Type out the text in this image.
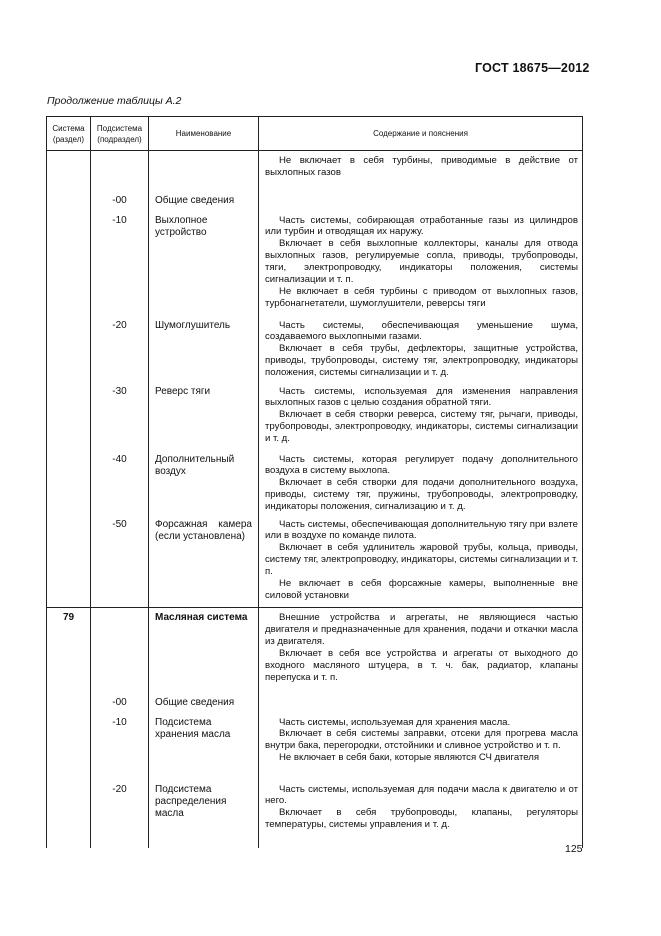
ГОСТ 18675—2012
Продолжение таблицы А.2
Система (раздел)	Подсистема (подраздел)	Наименование	Содержание и пояснения

			Не включает в себя турбины, приводимые в действие от выхлопных газов

	-00	Общие сведения	
	-10	Выхлопное устройство	Часть системы, собирающая отработанные газы из цилиндров или турбин и отводящая их наружу.

Включает в себя выхлопные коллекторы, каналы для отвода выхлопных газов, регулируемые сопла, приводы, трубопроводы, тяги, электропроводку, индикаторы положения, системы сигнализации и т. п.

Не включает в себя турбины с приводом от выхлопных газов, турбонагнетатели, шумоглушители, реверсы тяги

	-20	Шумоглушитель	Часть системы, обеспечивающая уменьшение шума, создаваемого выхлопными газами.

Включает в себя трубы, дефлекторы, защитные устройства, приводы, трубопроводы, систему тяг, электропроводку, индикаторы положения, системы сигнализации и т. д.

	-30	Реверс тяги	Часть системы, используемая для изменения направления выхлопных газов с целью создания обратной тяги.

Включает в себя створки реверса, систему тяг, рычаги, приводы, трубопроводы, электропроводку, индикаторы, системы сигнализации и т. д.

	-40	Дополнительный воздух	Часть системы, которая регулирует подачу дополнительного воздуха в систему выхлопа.

Включает в себя створки для подачи дополнительного воздуха, приводы, систему тяг, пружины, трубопроводы, электропроводку, индикаторы положения, сигнализацию и т. д.

	-50	Форсажная камера (если установлена)	Часть системы, обеспечивающая дополнительную тягу при взлете или в воздухе по команде пилота.

Включает в себя удлинитель жаровой трубы, кольца, приводы, систему тяг, электропроводку, индикаторы, системы сигнализации и т. п.

Не включает в себя форсажные камеры, выполненные вне силовой установки

79		Масляная система	Внешние устройства и агрегаты, не являющиеся частью двигателя и предназначенные для хранения, подачи и откачки масла из двигателя.

Включает в себя все устройства и агрегаты от выходного до входного масляного штуцера, в т. ч. бак, радиатор, клапаны перепуска и т. п.

	-00	Общие сведения	
	-10	Подсистема хранения масла	Часть системы, используемая для хранения масла.

Включает в себя системы заправки, отсеки для прогрева масла внутри бака, перегородки, отстойники и сливное устройство и т. п.

Не включает в себя баки, которые являются СЧ двигателя

	-20	Подсистема распределения масла	Часть системы, используемая для подачи масла к двигателю и от него.

Включает в себя трубопроводы, клапаны, регуляторы температуры, системы управления и т. д.

125
